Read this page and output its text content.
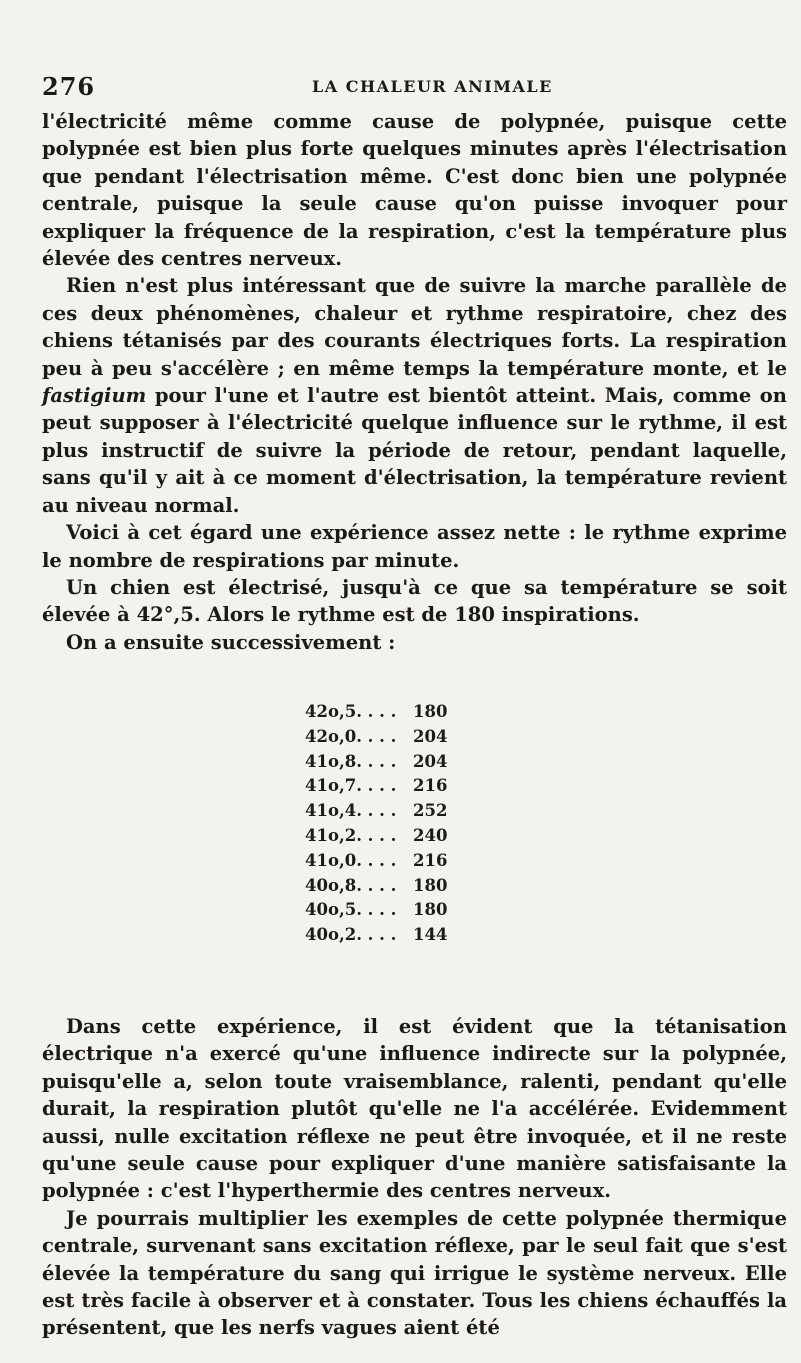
276	LA CHALEUR ANIMALE

l'électricité même comme cause de polypnée, puisque cette polypnée est bien plus forte quelques minutes après l'électrisation que pendant l'électrisation même. C'est donc bien une polypnée centrale, puisque la seule cause qu'on puisse invoquer pour expliquer la fréquence de la respiration, c'est la température plus élevée des centres nerveux.

Rien n'est plus intéressant que de suivre la marche parallèle de ces deux phénomènes, chaleur et rythme respiratoire, chez des chiens tétanisés par des courants électriques forts. La respiration peu à peu s'accélère ; en même temps la température monte, et le fastigium pour l'une et l'autre est bientôt atteint. Mais, comme on peut supposer à l'électricité quelque influence sur le rythme, il est plus instructif de suivre la période de retour, pendant laquelle, sans qu'il y ait à ce moment d'électrisation, la température revient au niveau normal.

Voici à cet égard une expérience assez nette : le rythme exprime le nombre de respirations par minute.

Un chien est électrisé, jusqu'à ce que sa température se soit élevée à 42°,5. Alors le rythme est de 180 inspirations.

On a ensuite successivement :

42o,5. . . .	180
42o,0. . . .	204
41o,8. . . .	204
41o,7. . . .	216
41o,4. . . .	252
41o,2. . . .	240
41o,0. . . .	216
40o,8. . . .	180
40o,5. . . .	180
40o,2. . . .	144

Dans cette expérience, il est évident que la tétanisation électrique n'a exercé qu'une influence indirecte sur la polypnée, puisqu'elle a, selon toute vraisemblance, ralenti, pendant qu'elle durait, la respiration plutôt qu'elle ne l'a accélérée. Evidemment aussi, nulle excitation réflexe ne peut être invoquée, et il ne reste qu'une seule cause pour expliquer d'une manière satisfaisante la polypnée : c'est l'hyperthermie des centres nerveux.

Je pourrais multiplier les exemples de cette polypnée thermique centrale, survenant sans excitation réflexe, par le seul fait que s'est élevée la température du sang qui irrigue le système nerveux. Elle est très facile à observer et à constater. Tous les chiens échauffés la présentent, que les nerfs vagues aient été
